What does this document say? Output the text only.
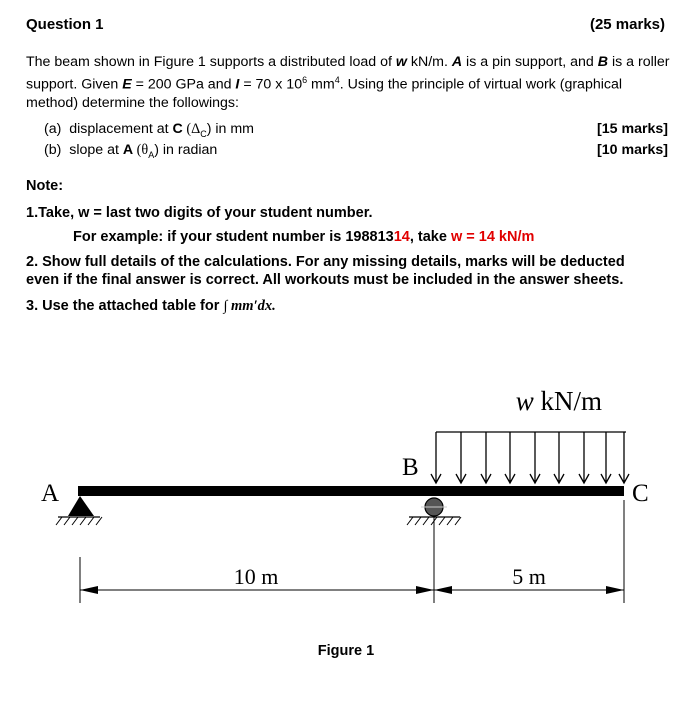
Question 1	(25 marks)
The beam shown in Figure 1 supports a distributed load of w kN/m. A is a pin support, and B is a roller support. Given E = 200 GPa and I = 70 x $10^6$ $mm^4$. Using the principle of virtual work (graphical method) determine the followings:
(a) displacement at C $(\Delta_C)$ in mm	[15 marks]
(b) slope at A $(\theta_A)$ in radian	[10 marks]
Note:
1.Take, w = last two digits of your student number.
For example: if your student number is 19881314, take w = 14 kN/m
2. Show full details of the calculations. For any missing details, marks will be deducted
even if the final answer is correct. All workouts must be included in the answer sheets.
3. Use the attached table for ∫ mm′dx.
w kN/m
A
B
C
10 m	5 m
Figure 1
